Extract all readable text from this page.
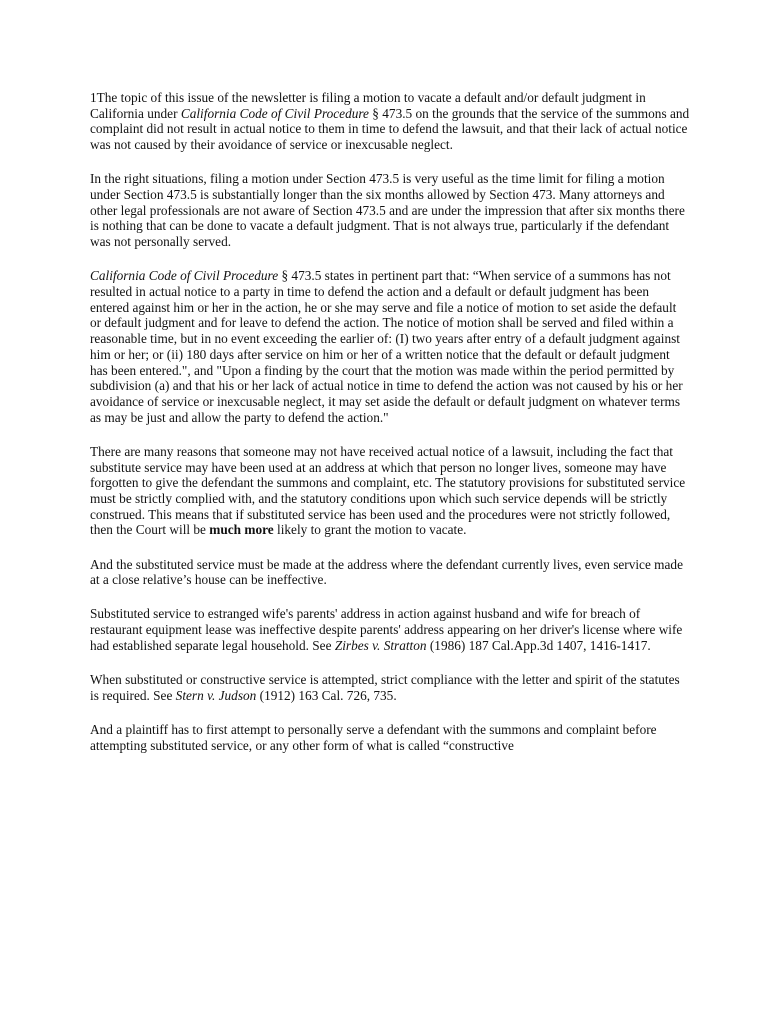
1The topic of this issue of the newsletter is filing a motion to vacate a default and/or default judgment in California under California Code of Civil Procedure § 473.5 on the grounds that the service of the summons and complaint did not result in actual notice to them in time to defend the lawsuit, and that their lack of actual notice was not caused by their avoidance of service or inexcusable neglect.

In the right situations, filing a motion under Section 473.5 is very useful as the time limit for filing a motion under Section 473.5 is substantially longer than the six months allowed by Section 473. Many attorneys and other legal professionals are not aware of Section 473.5 and are under the impression that after six months there is nothing that can be done to vacate a default judgment. That is not always true, particularly if the defendant was not personally served.

California Code of Civil Procedure § 473.5 states in pertinent part that: “When service of a summons has not resulted in actual notice to a party in time to defend the action and a default or default judgment has been entered against him or her in the action, he or she may serve and file a notice of motion to set aside the default or default judgment and for leave to defend the action. The notice of motion shall be served and filed within a reasonable time, but in no event exceeding the earlier of: (I) two years after entry of a default judgment against him or her; or (ii) 180 days after service on him or her of a written notice that the default or default judgment has been entered.", and "Upon a finding by the court that the motion was made within the period permitted by subdivision (a) and that his or her lack of actual notice in time to defend the action was not caused by his or her avoidance of service or inexcusable neglect, it may set aside the default or default judgment on whatever terms as may be just and allow the party to defend the action."

There are many reasons that someone may not have received actual notice of a lawsuit, including the fact that substitute service may have been used at an address at which that person no longer lives, someone may have forgotten to give the defendant the summons and complaint, etc. The statutory provisions for substituted service must be strictly complied with, and the statutory conditions upon which such service depends will be strictly construed. This means that if substituted service has been used and the procedures were not strictly followed, then the Court will be much more likely to grant the motion to vacate.

And the substituted service must be made at the address where the defendant currently lives, even service made at a close relative’s house can be ineffective.

Substituted service to estranged wife's parents' address in action against husband and wife for breach of restaurant equipment lease was ineffective despite parents' address appearing on her driver's license where wife had established separate legal household. See Zirbes v. Stratton (1986) 187 Cal.App.3d 1407, 1416-1417.

When substituted or constructive service is attempted, strict compliance with the letter and spirit of the statutes is required. See Stern v. Judson (1912) 163 Cal. 726, 735.

And a plaintiff has to first attempt to personally serve a defendant with the summons and complaint before attempting substituted service, or any other form of what is called “constructive
